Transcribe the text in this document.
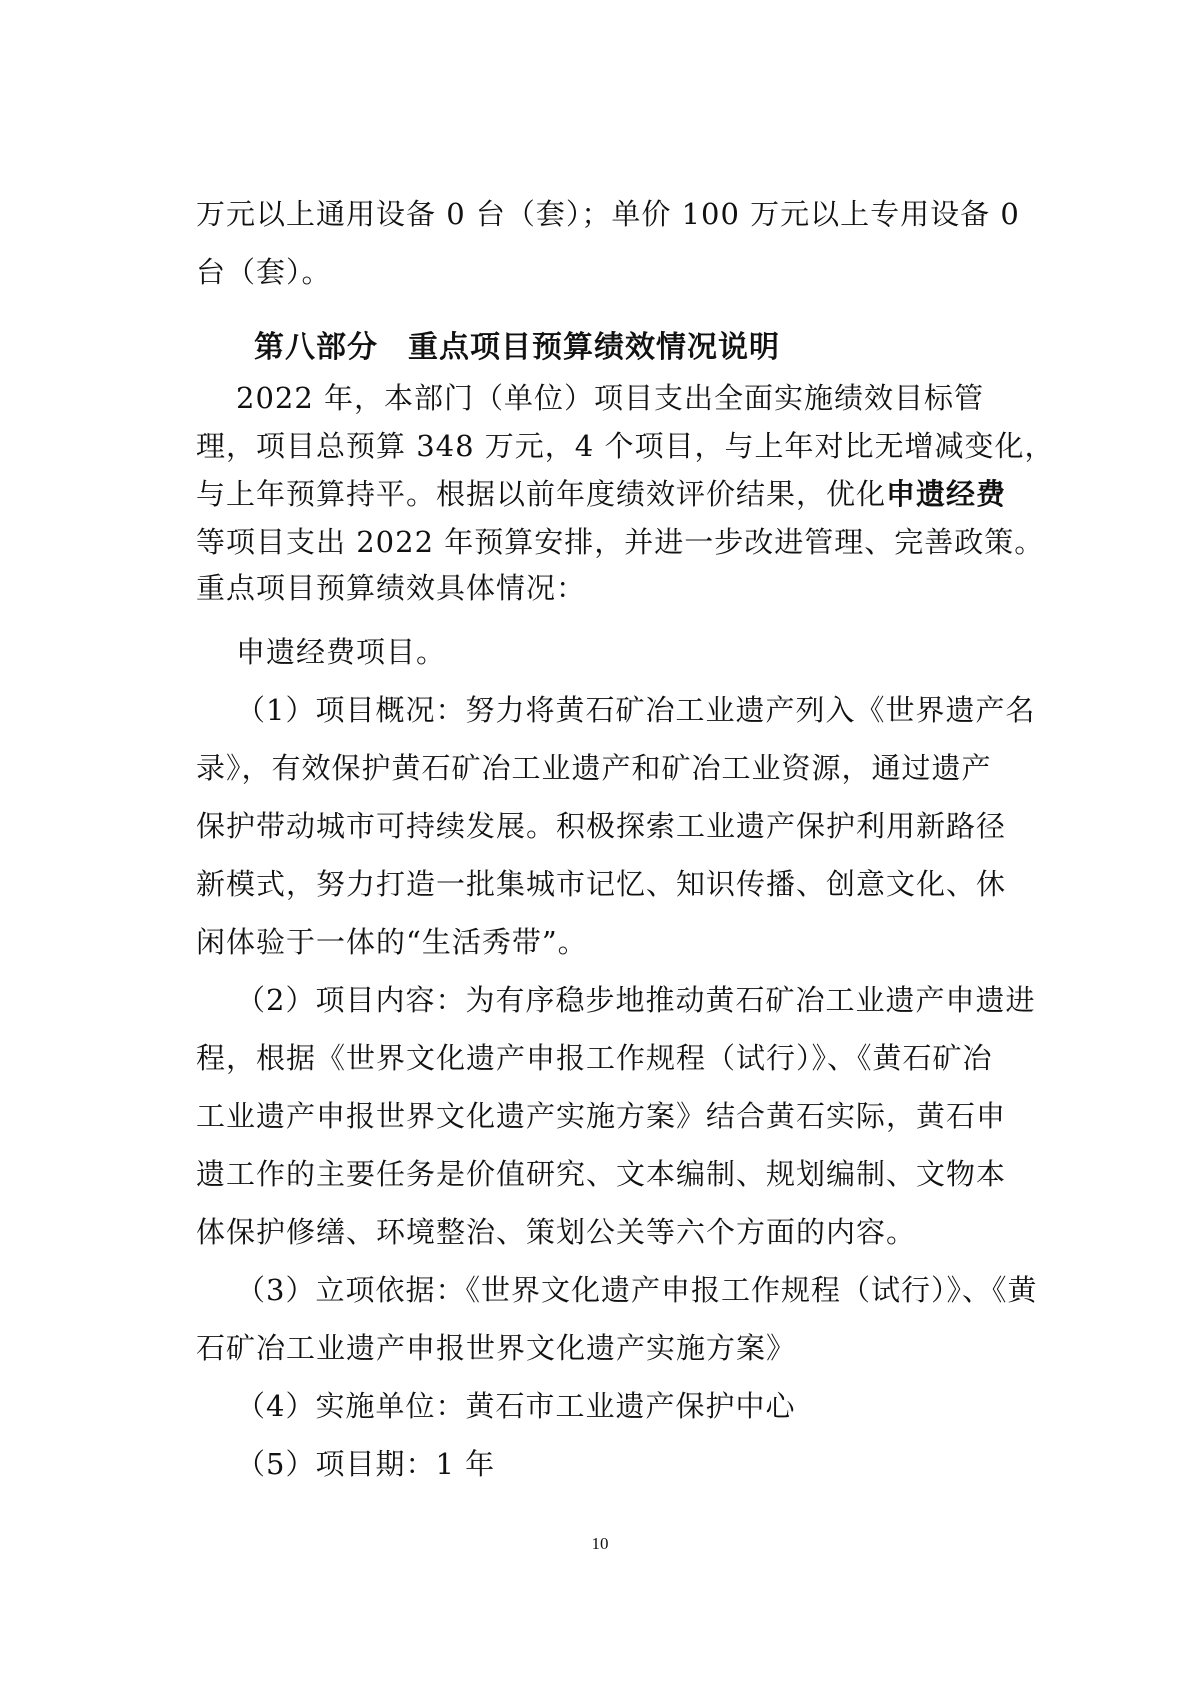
万元以上通用设备 0 台（套）；单价 100 万元以上专用设备 0
台（套）。
第八部分 重点项目预算绩效情况说明
2022 年，本部门（单位）项目支出全面实施绩效目标管
理，项目总预算 348 万元，4 个项目，与上年对比无增减变化，
与上年预算持平。根据以前年度绩效评价结果，优化申遗经费
等项目支出 2022 年预算安排，并进一步改进管理、完善政策。
重点项目预算绩效具体情况：
申遗经费项目。
（1）项目概况：努力将黄石矿冶工业遗产列入《世界遗产名
录》，有效保护黄石矿冶工业遗产和矿冶工业资源，通过遗产
保护带动城市可持续发展。积极探索工业遗产保护利用新路径
新模式，努力打造一批集城市记忆、知识传播、创意文化、休
闲体验于一体的“生活秀带”。
（2）项目内容：为有序稳步地推动黄石矿冶工业遗产申遗进
程，根据《世界文化遗产申报工作规程（试行）》、《黄石矿冶
工业遗产申报世界文化遗产实施方案》结合黄石实际，黄石申
遗工作的主要任务是价值研究、文本编制、规划编制、文物本
体保护修缮、环境整治、策划公关等六个方面的内容。
（3）立项依据：《世界文化遗产申报工作规程（试行）》、《黄
石矿冶工业遗产申报世界文化遗产实施方案》
（4）实施单位：黄石市工业遗产保护中心
（5）项目期：1 年
10
